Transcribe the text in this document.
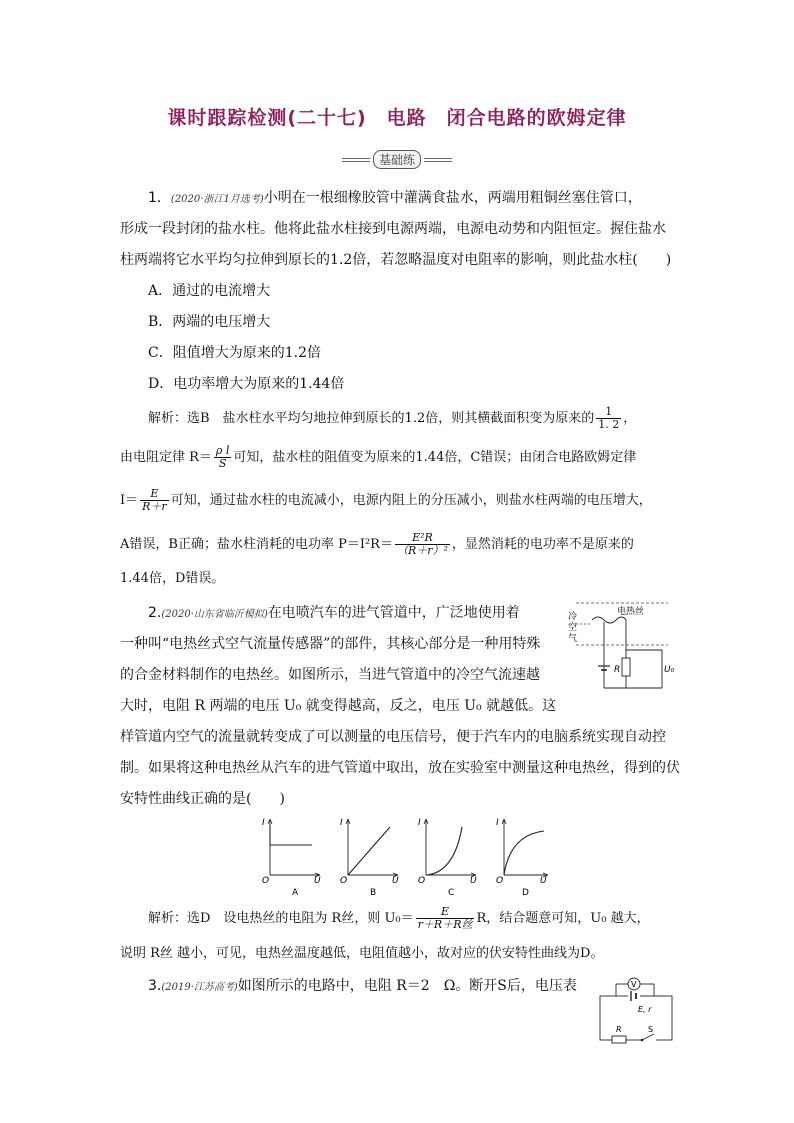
课时跟踪检测(二十七)　电路　闭合电路的欧姆定律
基础练
1．(2020·浙江1月选考)小明在一根细橡胶管中灌满食盐水，两端用粗铜丝塞住管口，
形成一段封闭的盐水柱。他将此盐水柱接到电源两端，电源电动势和内阻恒定。握住盐水
柱两端将它水平均匀拉伸到原长的1.2倍，若忽略温度对电阻率的影响，则此盐水柱(　　)
A．通过的电流增大
B．两端的电压增大
C．阻值增大为原来的1.2倍
D．电功率增大为原来的1.44倍
解析：选B　盐水柱水平均匀地拉伸到原长的1.2倍，则其横截面积变为原来的 $\frac{1}{1. 2}$ ，
由电阻定律 $R= \frac{\text{ρ l}}{S}$ 可知，盐水柱的阻值变为原来的1.44倍，C错误；由闭合电路欧姆定律
$I= \frac{E}{R+r}$ 可知，通过盐水柱的电流减小，电源内阻上的分压减小，则盐水柱两端的电压增大，
A错误，B正确；盐水柱消耗的电功率 $P=I^2R= \frac{\text{E²R}}{\text{（R＋r）²}}$ ，显然消耗的电功率不是原来的
1.44倍，D错误。
2.(2020·山东省临沂模拟)在电喷汽车的进气管道中，广泛地使用着
一种叫“电热丝式空气流量传感器”的部件，其核心部分是一种用特殊
的合金材料制作的电热丝。如图所示，当进气管道中的冷空气流速越
大时，电阻 R 两端的电压 U₀ 就变得越高，反之，电压 U₀ 就越低。这
样管道内空气的流量就转变成了可以测量的电压信号，便于汽车内的电脑系统实现自动控
制。如果将这种电热丝从汽车的进气管道中取出，放在实验室中测量这种电热丝，得到的伏
安特性曲线正确的是(　　)
冷
空
气
电热丝
R	U₀
I
O	U
A
I
O	U
B
I
O	U
C
I
O	U
D
解析：选D　设电热丝的电阻为 R丝，则 $U_0= \frac{E}{\text{r＋R＋R丝}}$ R，结合题意可知，U₀ 越大，
说明 R丝 越小，可见，电热丝温度越低，电阻值越小，故对应的伏安特性曲线为D。
3.(2019·江苏高考)如图所示的电路中，电阻 R＝2　Ω。断开S后，电压表	V
E, r
R	S
